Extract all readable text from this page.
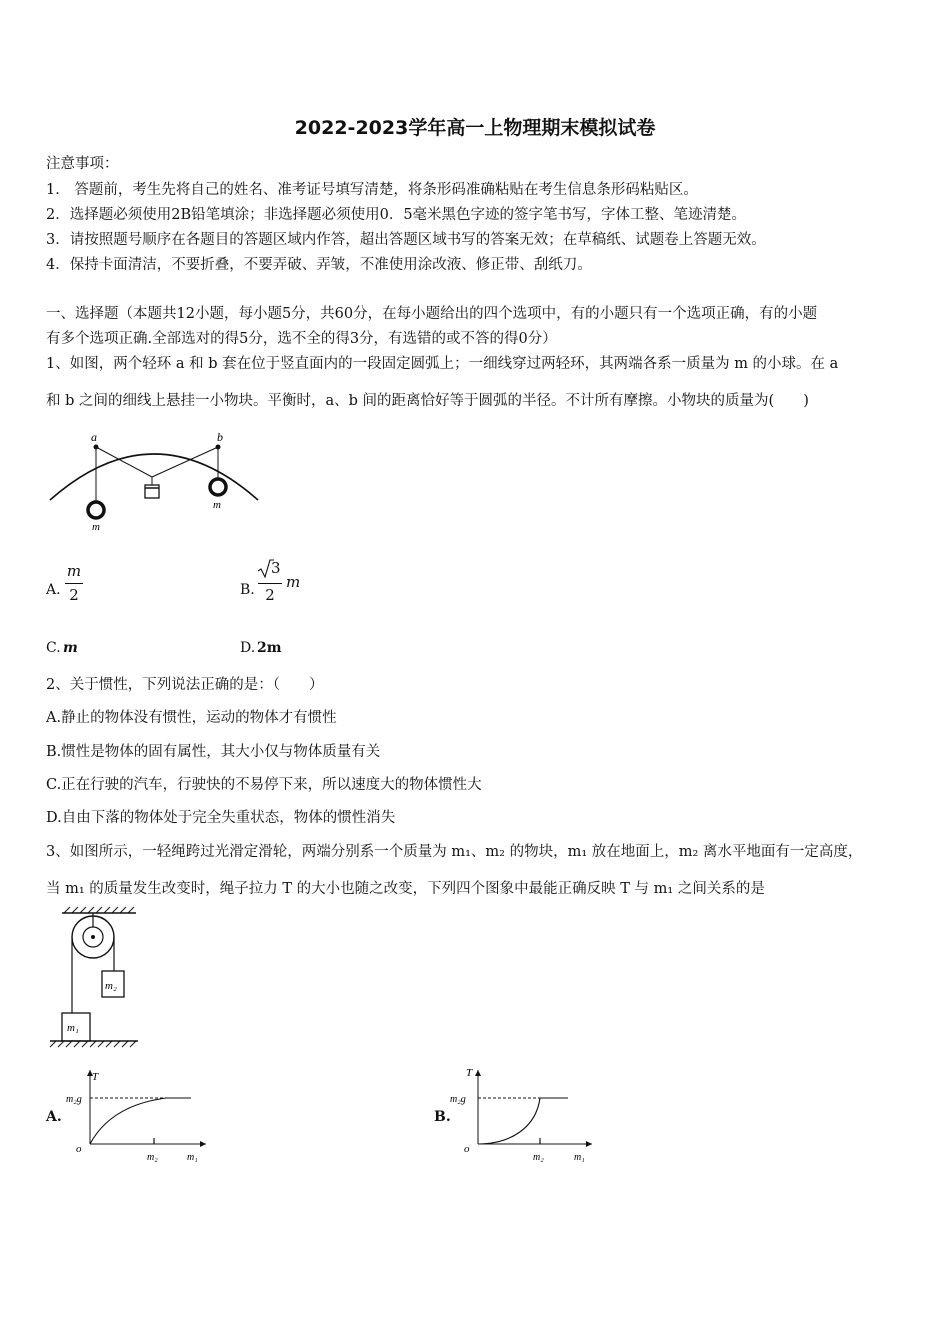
2022-2023学年高一上物理期末模拟试卷
注意事项：
1． 答题前，考生先将自己的姓名、准考证号填写清楚，将条形码准确粘贴在考生信息条形码粘贴区。
2．选择题必须使用2B铅笔填涂；非选择题必须使用0．5毫米黑色字迹的签字笔书写，字体工整、笔迹清楚。
3．请按照题号顺序在各题目的答题区域内作答，超出答题区域书写的答案无效；在草稿纸、试题卷上答题无效。
4．保持卡面清洁，不要折叠，不要弄破、弄皱，不准使用涂改液、修正带、刮纸刀。
一、选择题（本题共12小题，每小题5分，共60分，在每小题给出的四个选项中，有的小题只有一个选项正确，有的小题
有多个选项正确.全部选对的得5分，选不全的得3分，有选错的或不答的得0分）
1、如图，两个轻环 a 和 b 套在位于竖直面内的一段固定圆弧上；一细线穿过两轻环，其两端各系一质量为 m 的小球。在 a
和 b 之间的细线上悬挂一小物块。平衡时，a、b 间的距离恰好等于圆弧的半径。不计所有摩擦。小物块的质量为(　　)
a	b
m
m
A.
m
2	B.
3
2
m
C. m	D. 2m
2、关于惯性，下列说法正确的是：（　　）
A.静止的物体没有惯性，运动的物体才有惯性
B.惯性是物体的固有属性，其大小仅与物体质量有关
C.正在行驶的汽车，行驶快的不易停下来，所以速度大的物体惯性大
D.自由下落的物体处于完全失重状态，物体的惯性消失
3、如图所示，一轻绳跨过光滑定滑轮，两端分别系一个质量为 m₁、m₂ 的物块，m₁ 放在地面上，m₂ 离水平地面有一定高度，
当 m₁ 的质量发生改变时，绳子拉力 T 的大小也随之改变，下列四个图象中最能正确反映 T 与 m₁ 之间关系的是
m₂
m₁
A.
T
m₂g
o
m₂	m₁
B.
T
m₂g
o
m₂	m₁
